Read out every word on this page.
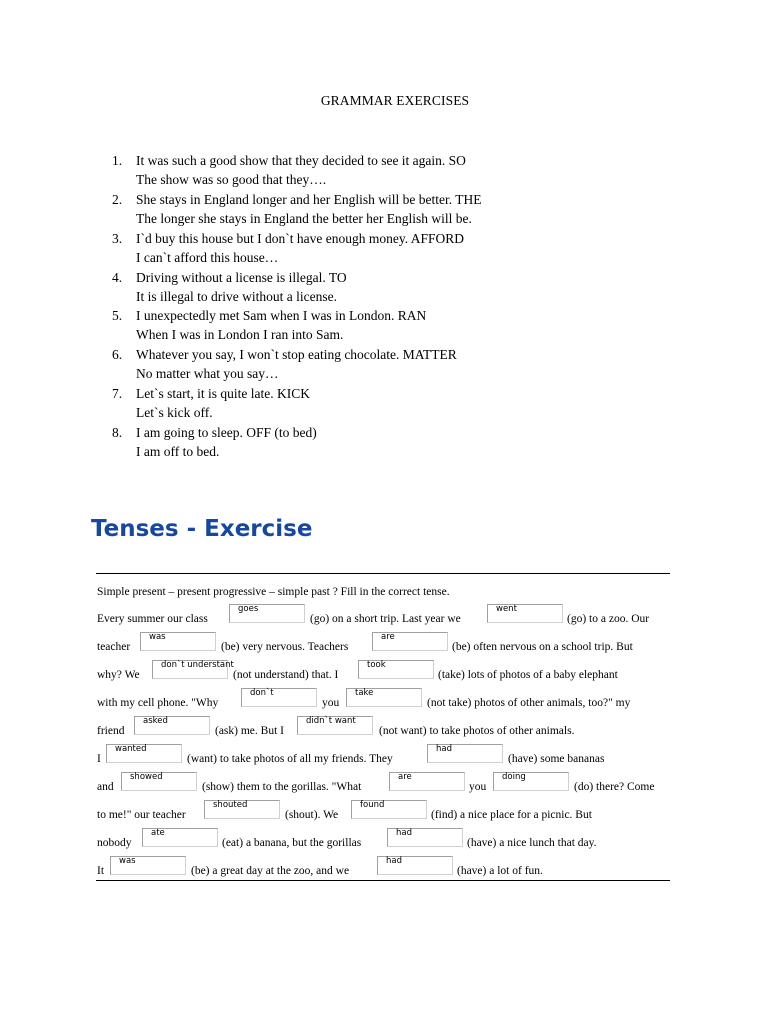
GRAMMAR EXERCISES
1.	It was such a good show that they decided to see it again. SO
The show was so good that they….
2.	She stays in England longer and her English will be better. THE
The longer she stays in England the better her English will be.
3.	I`d buy this house but I don`t have enough money. AFFORD
I can`t afford this house…
4.	Driving without a license is illegal. TO
It is illegal to drive without a license.
5.	I unexpectedly met Sam when I was in London. RAN
When I was in London I ran into Sam.
6.	Whatever you say, I won`t stop eating chocolate. MATTER
No matter what you say…
7.	Let`s start, it is quite late. KICK
Let`s kick off.
8.	I am going to sleep. OFF (to bed)
I am off to bed.
Tenses - Exercise
Simple present – present progressive – simple past ? Fill in the correct tense.
Every summer our class
goes
(go) on a short trip. Last year we
went
(go) to a zoo. Our
teacher
was
(be) very nervous. Teachers
are
(be) often nervous on a school trip. But
why? We
don`t understant
(not understand) that. I
took
(take) lots of photos of a baby elephant
with my cell phone. "Why
don`t
you
take
(not take) photos of other animals, too?" my
friend
asked
(ask) me. But I
didn`t want
(not want) to take photos of other animals.
I
wanted
(want) to take photos of all my friends. They
had
(have) some bananas
and
showed
(show) them to the gorillas. "What
are
you
doing
(do) there? Come
to me!" our teacher
shouted
(shout). We
found
(find) a nice place for a picnic. But
nobody
ate
(eat) a banana, but the gorillas
had
(have) a nice lunch that day.
It
was
(be) a great day at the zoo, and we
had
(have) a lot of fun.
